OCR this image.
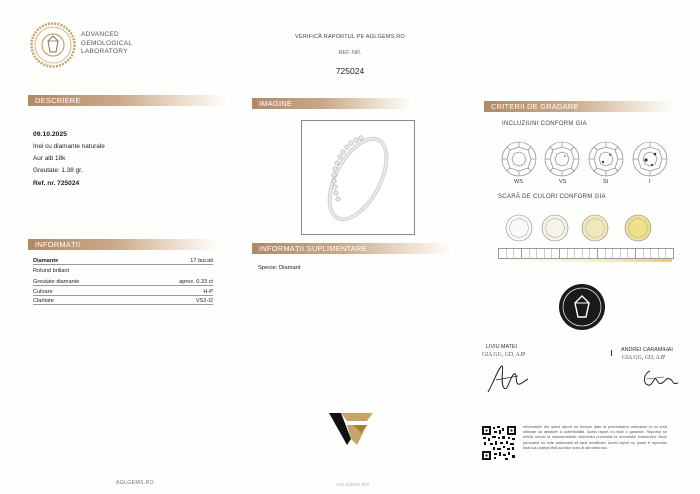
ADVANCED
GEMOLOGICAL
LABORATORY
VERIFICĂ RAPORTUL PE AGLGEMS.RO
REF. NR.
725024
DESCRIERE
09.10.2025
Inel cu diamante naturale
Aur alb 18k
Greutate: 1.38 gr.
Ref. nr. 725024
IMAGINE	CRITERII DE GRADARE
INCLUZIUNI CONFORM GIA
WS	VS	SI	I
SCARĂ DE CULORI CONFORM GIA
INFORMAȚII
Diamante	17 bucati
Rotund briliant
Greutate diamante	aprox. 0.33 ct
Culoare	H-P
Claritate	VS2-I2
INFORMAȚII SUPLIMENTARE
Specie: Diamant
LIVIU MATEI
GIA GG, GD, AJP
ANDREI CARAMIHAI
GIA GG, GD, AJP
Informațiile din acest raport nu trebuie date la prezentarea obiectului și nu sunt utilizate ca atestare a autenticității. Acest raport nu este o garanție. Raportul se referă numai la caracteristicile obiectului prezentat la momentul examinării. Nicio persoană nu este autorizată să facă modificări. Acest raport nu poate fi reprodus total sau parțial fără acordul scris al laboratorului.
AGLGEMS.RO	AGLGEMS.RO
